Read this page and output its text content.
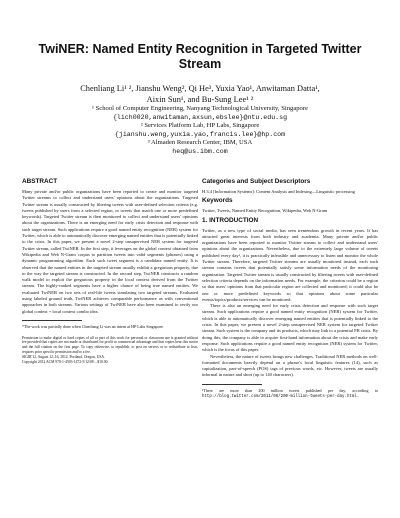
TwiNER: Named Entity Recognition in Targeted Twitter
Stream
Chenliang Li¹ ², Jianshu Weng², Qi He³, Yuxia Yao¹, Anwitaman Datta¹,
Aixin Sun¹, and Bu-Sung Lee¹ ²
¹ School of Computer Engineering, Nanyang Technological University, Singapore
{lich0020,anwitaman,axsun,ebslee}@ntu.edu.sg
² Services Platform Lab, HP Labs, Singapore
{jianshu.weng,yuxia.yao,francis.lee}@hp.com
³ Almaden Research Center, IBM, USA
heq@us.ibm.com
ABSTRACT

Many private and/or public organizations have been reported to create and monitor targeted Twitter streams to collect and understand users' opinions about the organizations. Targeted Twitter stream is usually constructed by filtering tweets with user-defined selection criteria (e.g. tweets published by users from a selected region, or tweets that match one or more predefined keywords). Targeted Twitter stream is then monitored to collect and understand users' opinions about the organizations. There is an emerging need for early crisis detection and response with such target stream. Such applications require a good named entity recognition (NER) system for Twitter, which is able to automatically discover emerging named entities that is potentially linked to the crisis. In this paper, we present a novel 2-step unsupervised NER system for targeted Twitter stream, called TwiNER. In the first step, it leverages on the global context obtained from Wikipedia and Web N-Gram corpus to partition tweets into valid segments (phrases) using a dynamic programming algorithm. Each such tweet segment is a candidate named entity. It is observed that the named entities in the targeted stream usually exhibit a gregarious property, due to the way the targeted stream is constructed. In the second step, TwiNER constructs a random walk model to exploit the gregarious property in the local context derived from the Twitter stream. The highly-ranked segments have a higher chance of being true named entities. We evaluated TwiNER on two sets of real-life tweets simulating two targeted streams. Evaluated using labeled ground truth, TwiNER achieves comparable performance as with conventional approaches in both streams. Various settings of TwiNER have also been examined to verify our global context + local context combo idea.

*The work was partially done when Chenliang Li was an intern at HP Labs Singapore.
Permission to make digital or hard copies of all or part of this work for personal or classroom use is granted without fee provided that copies are not made or distributed for profit or commercial advantage and that copies bear this notice and the full citation on the first page. To copy otherwise, to republish, to post on servers or to redistribute to lists, requires prior specific permission and/or a fee.
SIGIR'12, August 12–16, 2012, Portland, Oregon, USA.
Copyright 2012 ACM 978-1-4503-1472-5/12/08 ...$10.00.
Categories and Subject Descriptors

H.3.4 [Information Systems]: Content Analysis and Indexing—Linguistic processing

Keywords

Twitter, Tweets, Named Entity Recognition, Wikipedia, Web N-Gram

1. INTRODUCTION

Twitter, as a new type of social media, has seen tremendous growth in recent years. It has attracted great interests from both industry and academia. Many private and/or public organizations have been reported to monitor Twitter stream to collect and understand users' opinions about the organizations. Nevertheless, due to the extremely large volume of tweets published every day¹, it is practically infeasible and unnecessary to listen and monitor the whole Twitter stream. Therefore, targeted Twitter streams are usually monitored instead, each such stream contains tweets that potentially satisfy some information needs of the monitoring organization. Targeted Twitter stream is usually constructed by filtering tweets with user-defined selection criteria depends on the information needs. For example, the criterion could be a region so that users' opinions from that particular region are collected and monitored; it could also be one or more predefined keywords so that opinions about some particular events/topics/products/services can be monitored.

There is also an emerging need for early crisis detection and response with such target stream. Such applications require a good named entity recognition (NER) system for Twitter, which is able to automatically discover emerging named entities that is potentially linked to the crisis. In this paper, we present a novel 2-step unsupervised NER system for targeted Twitter stream. Such system is the company and its products, which may link to a potential PR crisis. By doing this, the company is able to acquire first-hand information about the crisis and make early response. Such applications require a good named entity recognition (NER) system for Twitter, which is the focus of this paper.

Nevertheless, the nature of tweets brings new challenges. Traditional NER methods on well-formatted documents heavily depend on a phrase's local linguistic features (14), such as capitalization, part-of-speech (POS) tags of previous words, etc. However, tweets are usually informal in nature and short (up to 140 characters).

¹There are more than 200 million tweets published per day, according to http://blog.twitter.com/2011/06/200-million-tweets-per-day.html.
